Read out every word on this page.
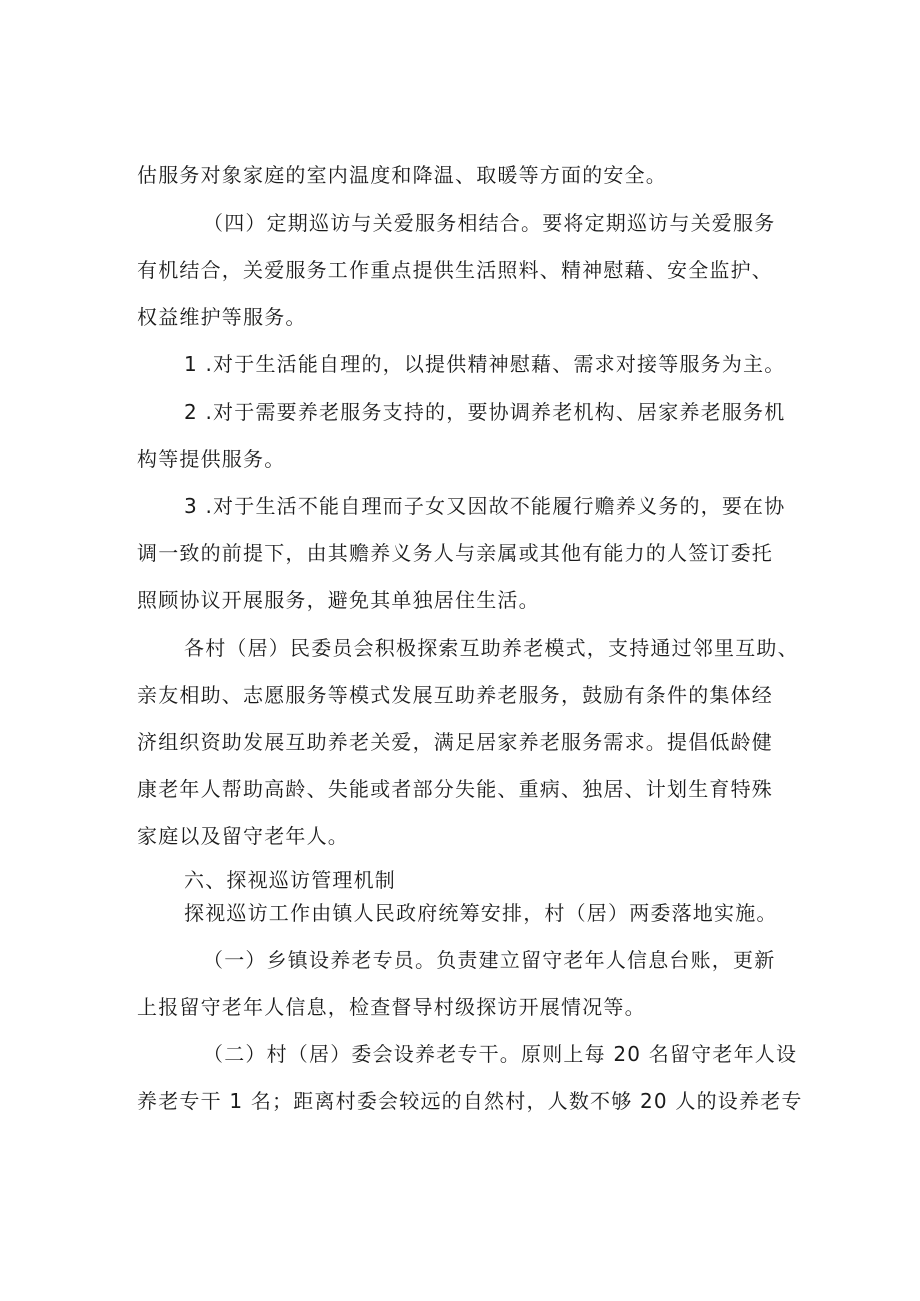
估服务对象家庭的室内温度和降温、取暖等方面的安全。
（四）定期巡访与关爱服务相结合。要将定期巡访与关爱服务
有机结合，关爱服务工作重点提供生活照料、精神慰藉、安全监护、
权益维护等服务。
1 .对于生活能自理的，以提供精神慰藉、需求对接等服务为主。
2 .对于需要养老服务支持的，要协调养老机构、居家养老服务机
构等提供服务。
3 .对于生活不能自理而子女又因故不能履行赡养义务的，要在协
调一致的前提下，由其赡养义务人与亲属或其他有能力的人签订委托
照顾协议开展服务，避免其单独居住生活。
各村（居）民委员会积极探索互助养老模式，支持通过邻里互助、
亲友相助、志愿服务等模式发展互助养老服务，鼓励有条件的集体经
济组织资助发展互助养老关爱，满足居家养老服务需求。提倡低龄健
康老年人帮助高龄、失能或者部分失能、重病、独居、计划生育特殊
家庭以及留守老年人。
六、探视巡访管理机制
探视巡访工作由镇人民政府统筹安排，村（居）两委落地实施。
（一）乡镇设养老专员。负责建立留守老年人信息台账，更新
上报留守老年人信息，检查督导村级探访开展情况等。
（二）村（居）委会设养老专干。原则上每 20 名留守老年人设
养老专干 1 名；距离村委会较远的自然村，人数不够 20 人的设养老专
